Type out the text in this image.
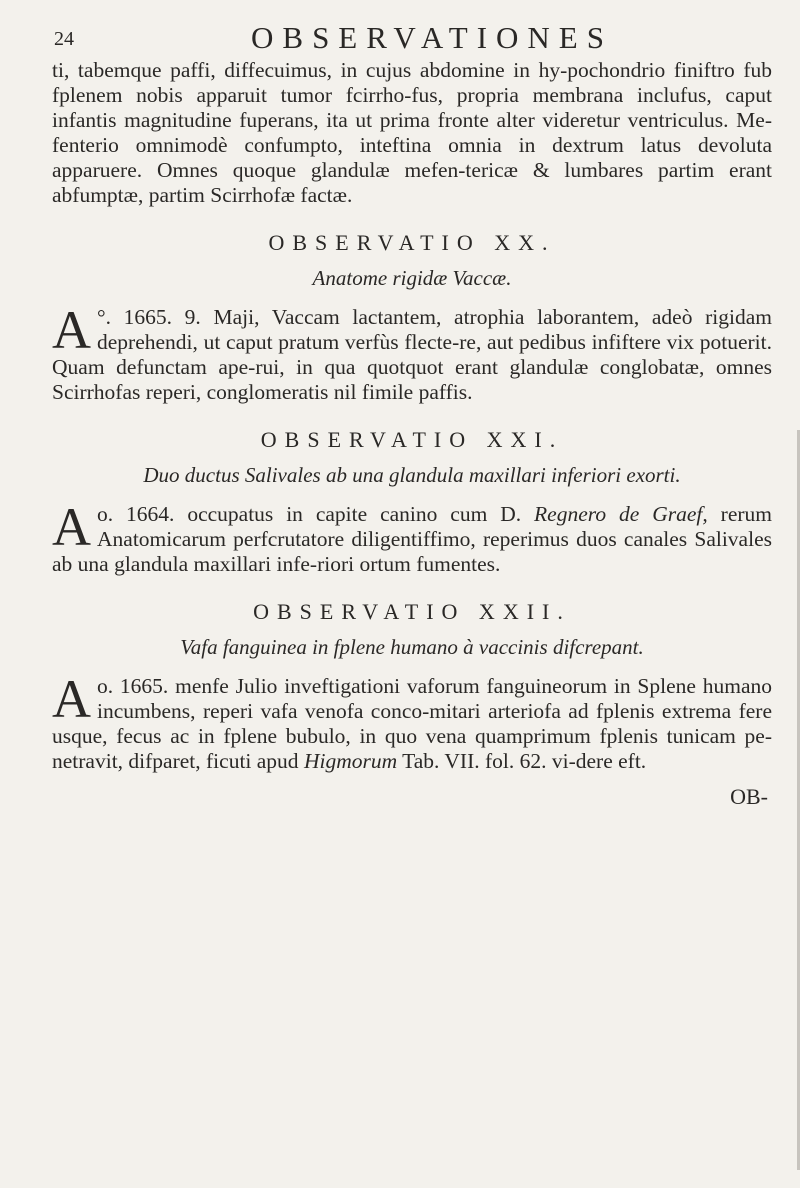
24	OBSERVATIONES

ti, tabemque paffi, diffecuimus, in cujus abdomine in hy-pochondrio finiftro fub fplenem nobis apparuit tumor fcirrho-fus, propria membrana inclufus, caput infantis magnitudine fuperans, ita ut prima fronte alter videretur ventriculus. Me-fenterio omnimodè confumpto, inteftina omnia in dextrum latus devoluta apparuere. Omnes quoque glandulæ mefen-tericæ & lumbares partim erant abfumptæ, partim Scirrhofæ factæ.

OBSERVATIO XX.
Anatome rigidæ Vaccæ.
A °. 1665. 9. Maji, Vaccam lactantem, atrophia laborantem, adeò rigidam deprehendi, ut caput pratum verfùs flecte-re, aut pedibus infiftere vix potuerit. Quam defunctam ape-rui, in qua quotquot erant glandulæ conglobatæ, omnes Scirrhofas reperi, conglomeratis nil fimile paffis.

OBSERVATIO XXI.
Duo ductus Salivales ab una glandula maxillari inferiori exorti.
A o. 1664. occupatus in capite canino cum D. Regnero de Graef, rerum Anatomicarum perfcrutatore diligentiffimo, reperimus duos canales Salivales ab una glandula maxillari infe-riori ortum fumentes.

OBSERVATIO XXII.
Vafa fanguinea in fplene humano à vaccinis difcrepant.
A o. 1665. menfe Julio inveftigationi vaforum fanguineorum in Splene humano incumbens, reperi vafa venofa conco-mitari arteriofa ad fplenis extrema fere usque, fecus ac in fplene bubulo, in quo vena quamprimum fplenis tunicam pe-netravit, difparet, ficuti apud Higmorum Tab. VII. fol. 62. vi-dere eft.

OB-
